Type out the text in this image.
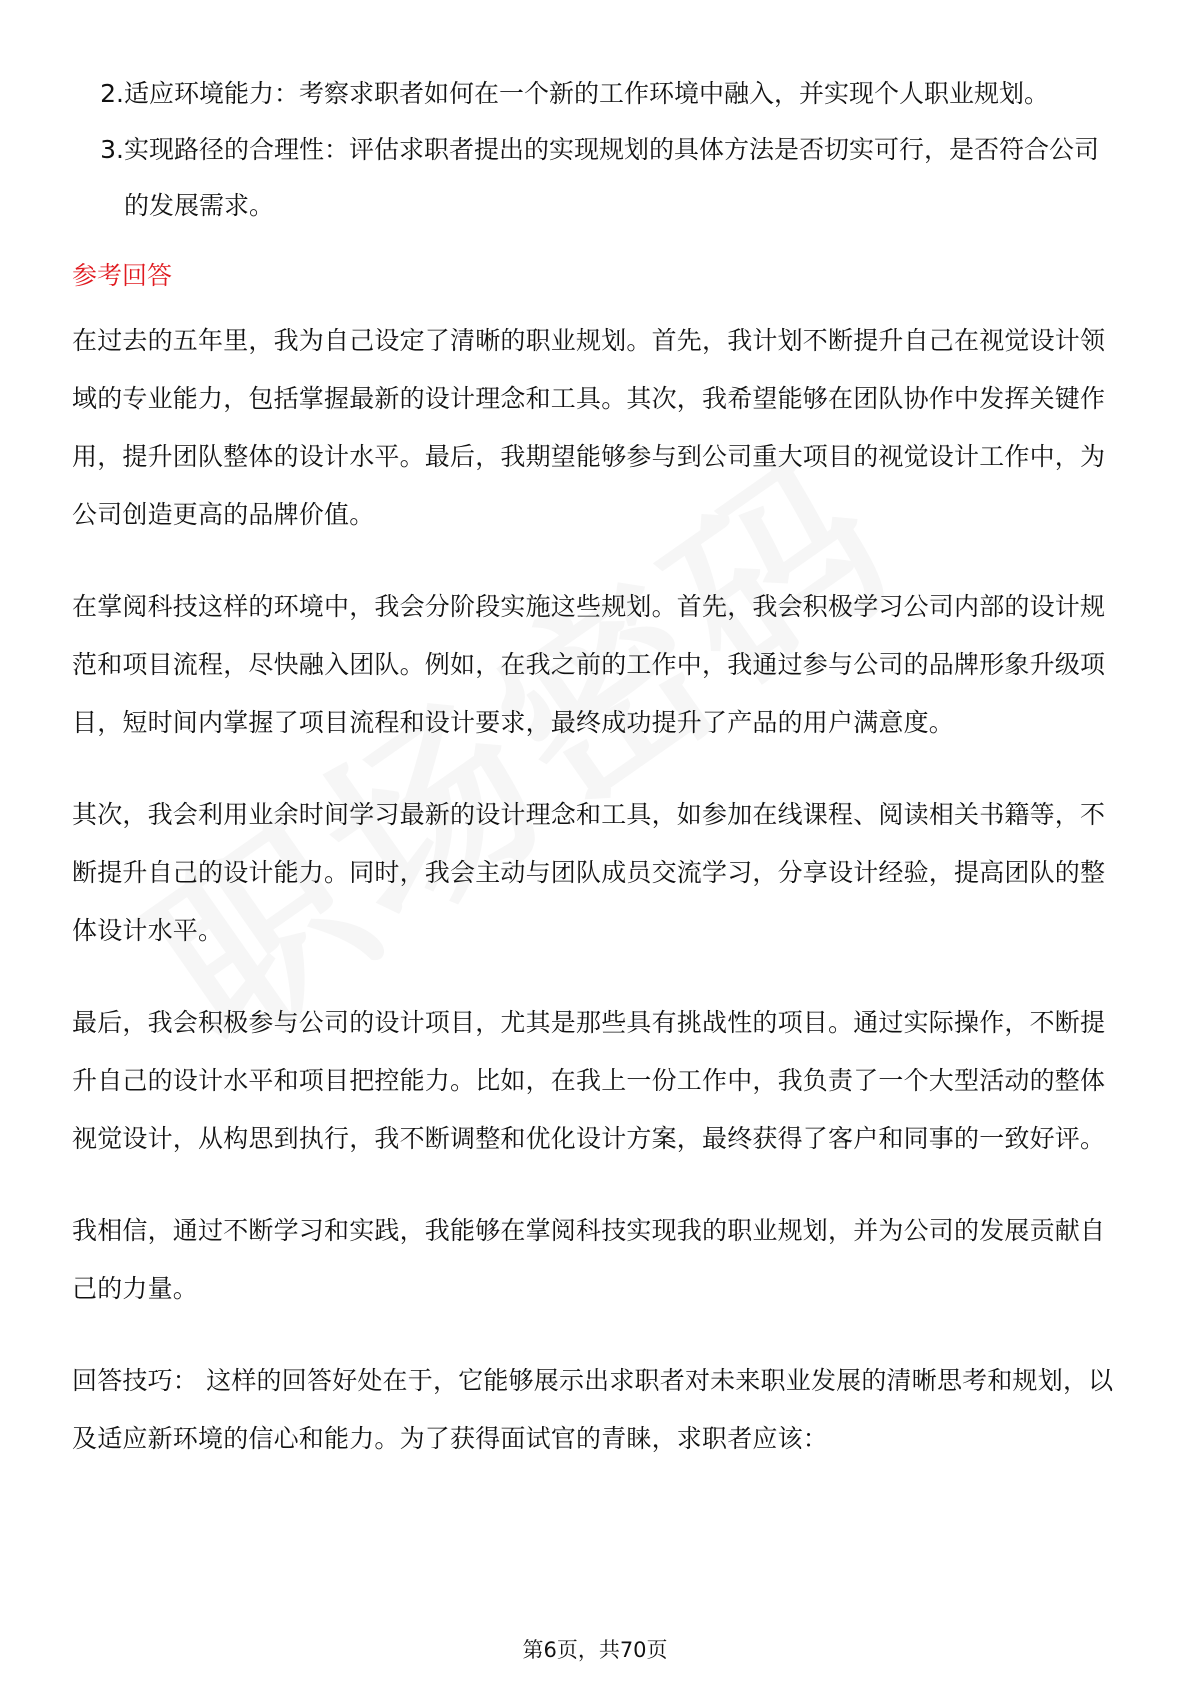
2. 适应环境能力：考察求职者如何在一个新的工作环境中融入，并实现个人职业规划。
3. 实现路径的合理性：评估求职者提出的实现规划的具体方法是否切实可行，是否符合公司的发展需求。
参考回答

在过去的五年里，我为自己设定了清晰的职业规划。首先，我计划不断提升自己在视觉设计领域的专业能力，包括掌握最新的设计理念和工具。其次，我希望能够在团队协作中发挥关键作用，提升团队整体的设计水平。最后，我期望能够参与到公司重大项目的视觉设计工作中，为公司创造更高的品牌价值。

在掌阅科技这样的环境中，我会分阶段实施这些规划。首先，我会积极学习公司内部的设计规范和项目流程，尽快融入团队。例如，在我之前的工作中，我通过参与公司的品牌形象升级项目，短时间内掌握了项目流程和设计要求，最终成功提升了产品的用户满意度。

其次，我会利用业余时间学习最新的设计理念和工具，如参加在线课程、阅读相关书籍等，不断提升自己的设计能力。同时，我会主动与团队成员交流学习，分享设计经验，提高团队的整体设计水平。

最后，我会积极参与公司的设计项目，尤其是那些具有挑战性的项目。通过实际操作，不断提升自己的设计水平和项目把控能力。比如，在我上一份工作中，我负责了一个大型活动的整体视觉设计，从构思到执行，我不断调整和优化设计方案，最终获得了客户和同事的一致好评。

我相信，通过不断学习和实践，我能够在掌阅科技实现我的职业规划，并为公司的发展贡献自己的力量。

回答技巧： 这样的回答好处在于，它能够展示出求职者对未来职业发展的清晰思考和规划，以及适应新环境的信心和能力。为了获得面试官的青睐，求职者应该：

第6页，共70页
